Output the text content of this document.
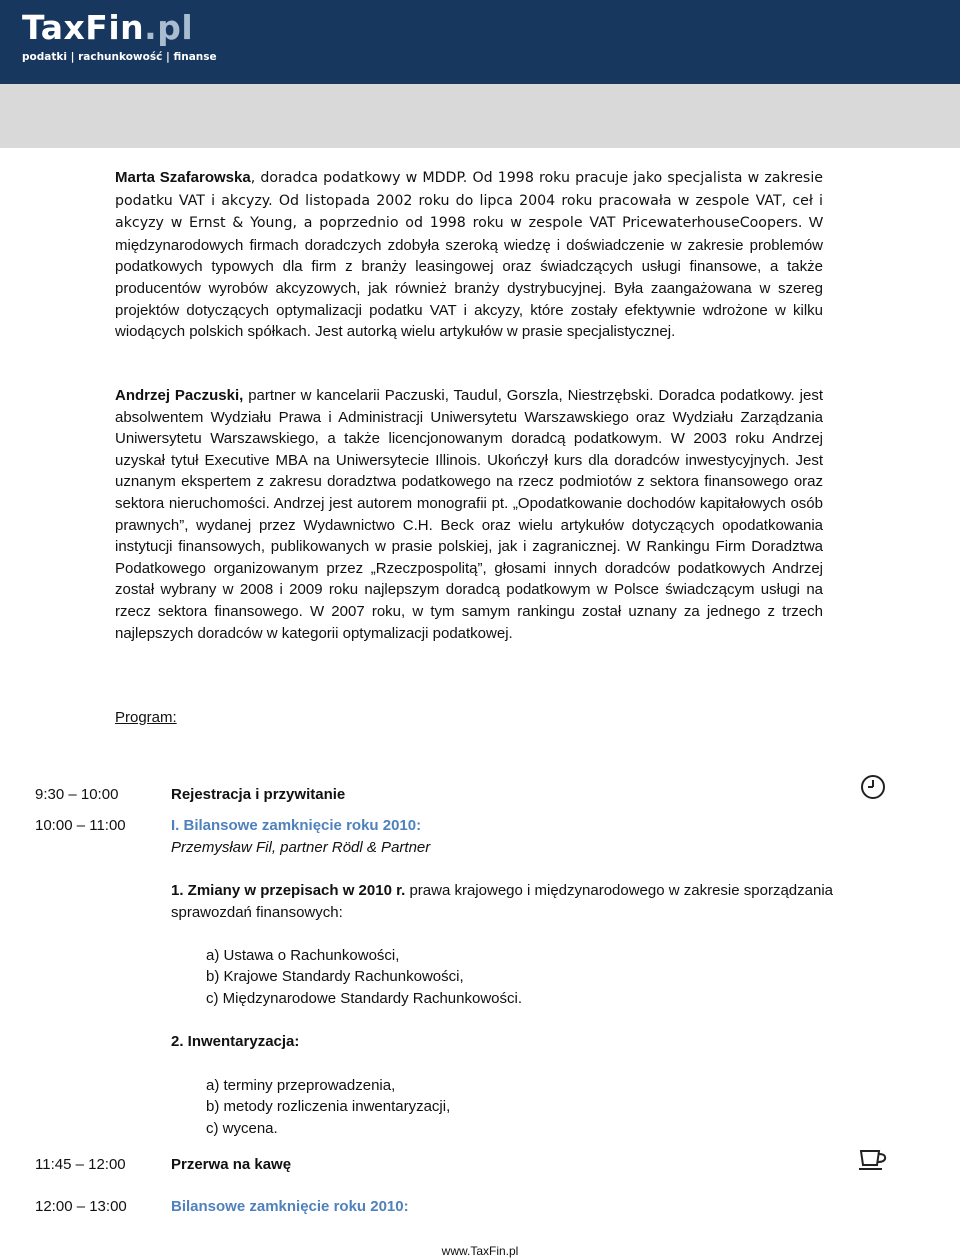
TaxFin.pl
podatki | rachunkowość | finanse

Marta Szafarowska, doradca podatkowy w MDDP. Od 1998 roku pracuje jako specjalista w zakresie podatku VAT i akcyzy. Od listopada 2002 roku do lipca 2004 roku pracowała w zespole VAT, ceł i akcyzy w Ernst & Young, a poprzednio od 1998 roku w zespole VAT PricewaterhouseCoopers. W międzynarodowych firmach doradczych zdobyła szeroką wiedzę i doświadczenie w zakresie problemów podatkowych typowych dla firm z branży leasingowej oraz świadczących usługi finansowe, a także producentów wyrobów akcyzowych, jak również branży dystrybucyjnej. Była zaangażowana w szereg projektów dotyczących optymalizacji podatku VAT i akcyzy, które zostały efektywnie wdrożone w kilku wiodących polskich spółkach. Jest autorką wielu artykułów w prasie specjalistycznej.

Andrzej Paczuski, partner w kancelarii Paczuski, Taudul, Gorszla, Niestrzębski. Doradca podatkowy. jest absolwentem Wydziału Prawa i Administracji Uniwersytetu Warszawskiego oraz Wydziału Zarządzania Uniwersytetu Warszawskiego, a także licencjonowanym doradcą podatkowym. W 2003 roku Andrzej uzyskał tytuł Executive MBA na Uniwersytecie Illinois. Ukończył kurs dla doradców inwestycyjnych. Jest uznanym ekspertem z zakresu doradztwa podatkowego na rzecz podmiotów z sektora finansowego oraz sektora nieruchomości. Andrzej jest autorem monografii pt. „Opodatkowanie dochodów kapitałowych osób prawnych”, wydanej przez Wydawnictwo C.H. Beck oraz wielu artykułów dotyczących opodatkowania instytucji finansowych, publikowanych w prasie polskiej, jak i zagranicznej. W Rankingu Firm Doradztwa Podatkowego organizowanym przez „Rzeczpospolitą”, głosami innych doradców podatkowych Andrzej został wybrany w 2008 i 2009 roku najlepszym doradcą podatkowym w Polsce świadczącym usługi na rzecz sektora finansowego. W 2007 roku, w tym samym rankingu został uznany za jednego z trzech najlepszych doradców w kategorii optymalizacji podatkowej.

Program:
9:30 – 10:00	Rejestracja i przywitanie
10:00 – 11:00	I. Bilansowe zamknięcie roku 2010:
Przemysław Fil, partner Rödl & Partner
1. Zmiany w przepisach w 2010 r. prawa krajowego i międzynarodowego w zakresie sporządzania sprawozdań finansowych:
a) Ustawa o Rachunkowości,
b) Krajowe Standardy Rachunkowości,
c) Międzynarodowe Standardy Rachunkowości.
2. Inwentaryzacja:
a) terminy przeprowadzenia,
b) metody rozliczenia inwentaryzacji,
c) wycena.
11:45 – 12:00	Przerwa na kawę
12:00 – 13:00	Bilansowe zamknięcie roku 2010:
www.TaxFin.pl
